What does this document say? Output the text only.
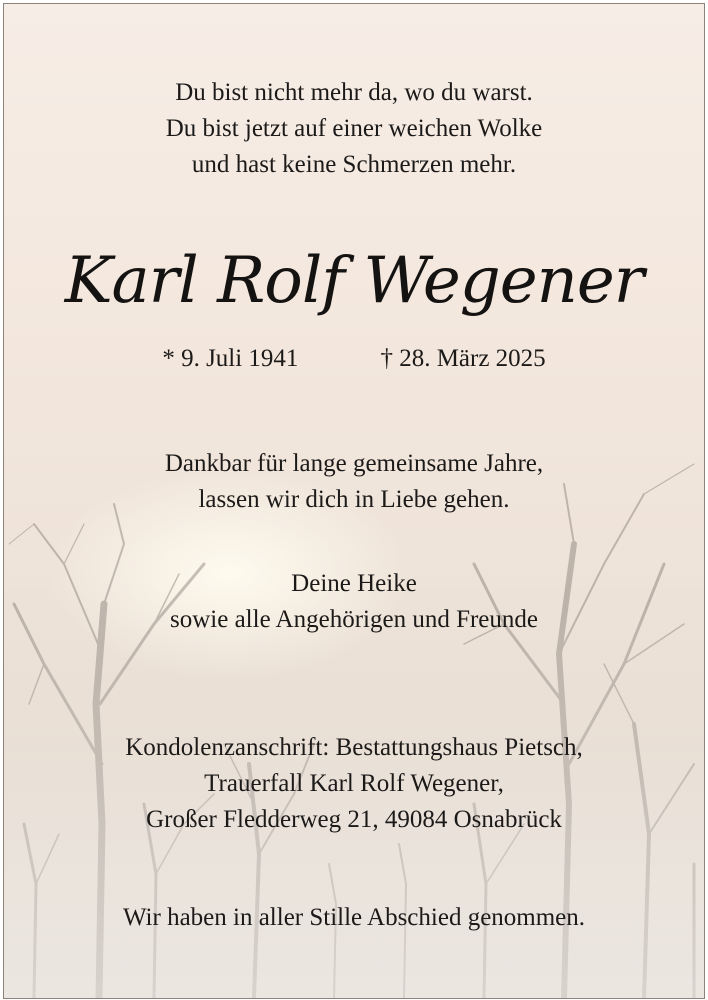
Du bist nicht mehr da, wo du warst.
Du bist jetzt auf einer weichen Wolke
und hast keine Schmerzen mehr.
Karl Rolf Wegener
* 9. Juli 1941	† 28. März 2025
Dankbar für lange gemeinsame Jahre,
lassen wir dich in Liebe gehen.
Deine Heike
sowie alle Angehörigen und Freunde
Kondolenzanschrift: Bestattungshaus Pietsch,
Trauerfall Karl Rolf Wegener,
Großer Fledderweg 21, 49084 Osnabrück
Wir haben in aller Stille Abschied genommen.
